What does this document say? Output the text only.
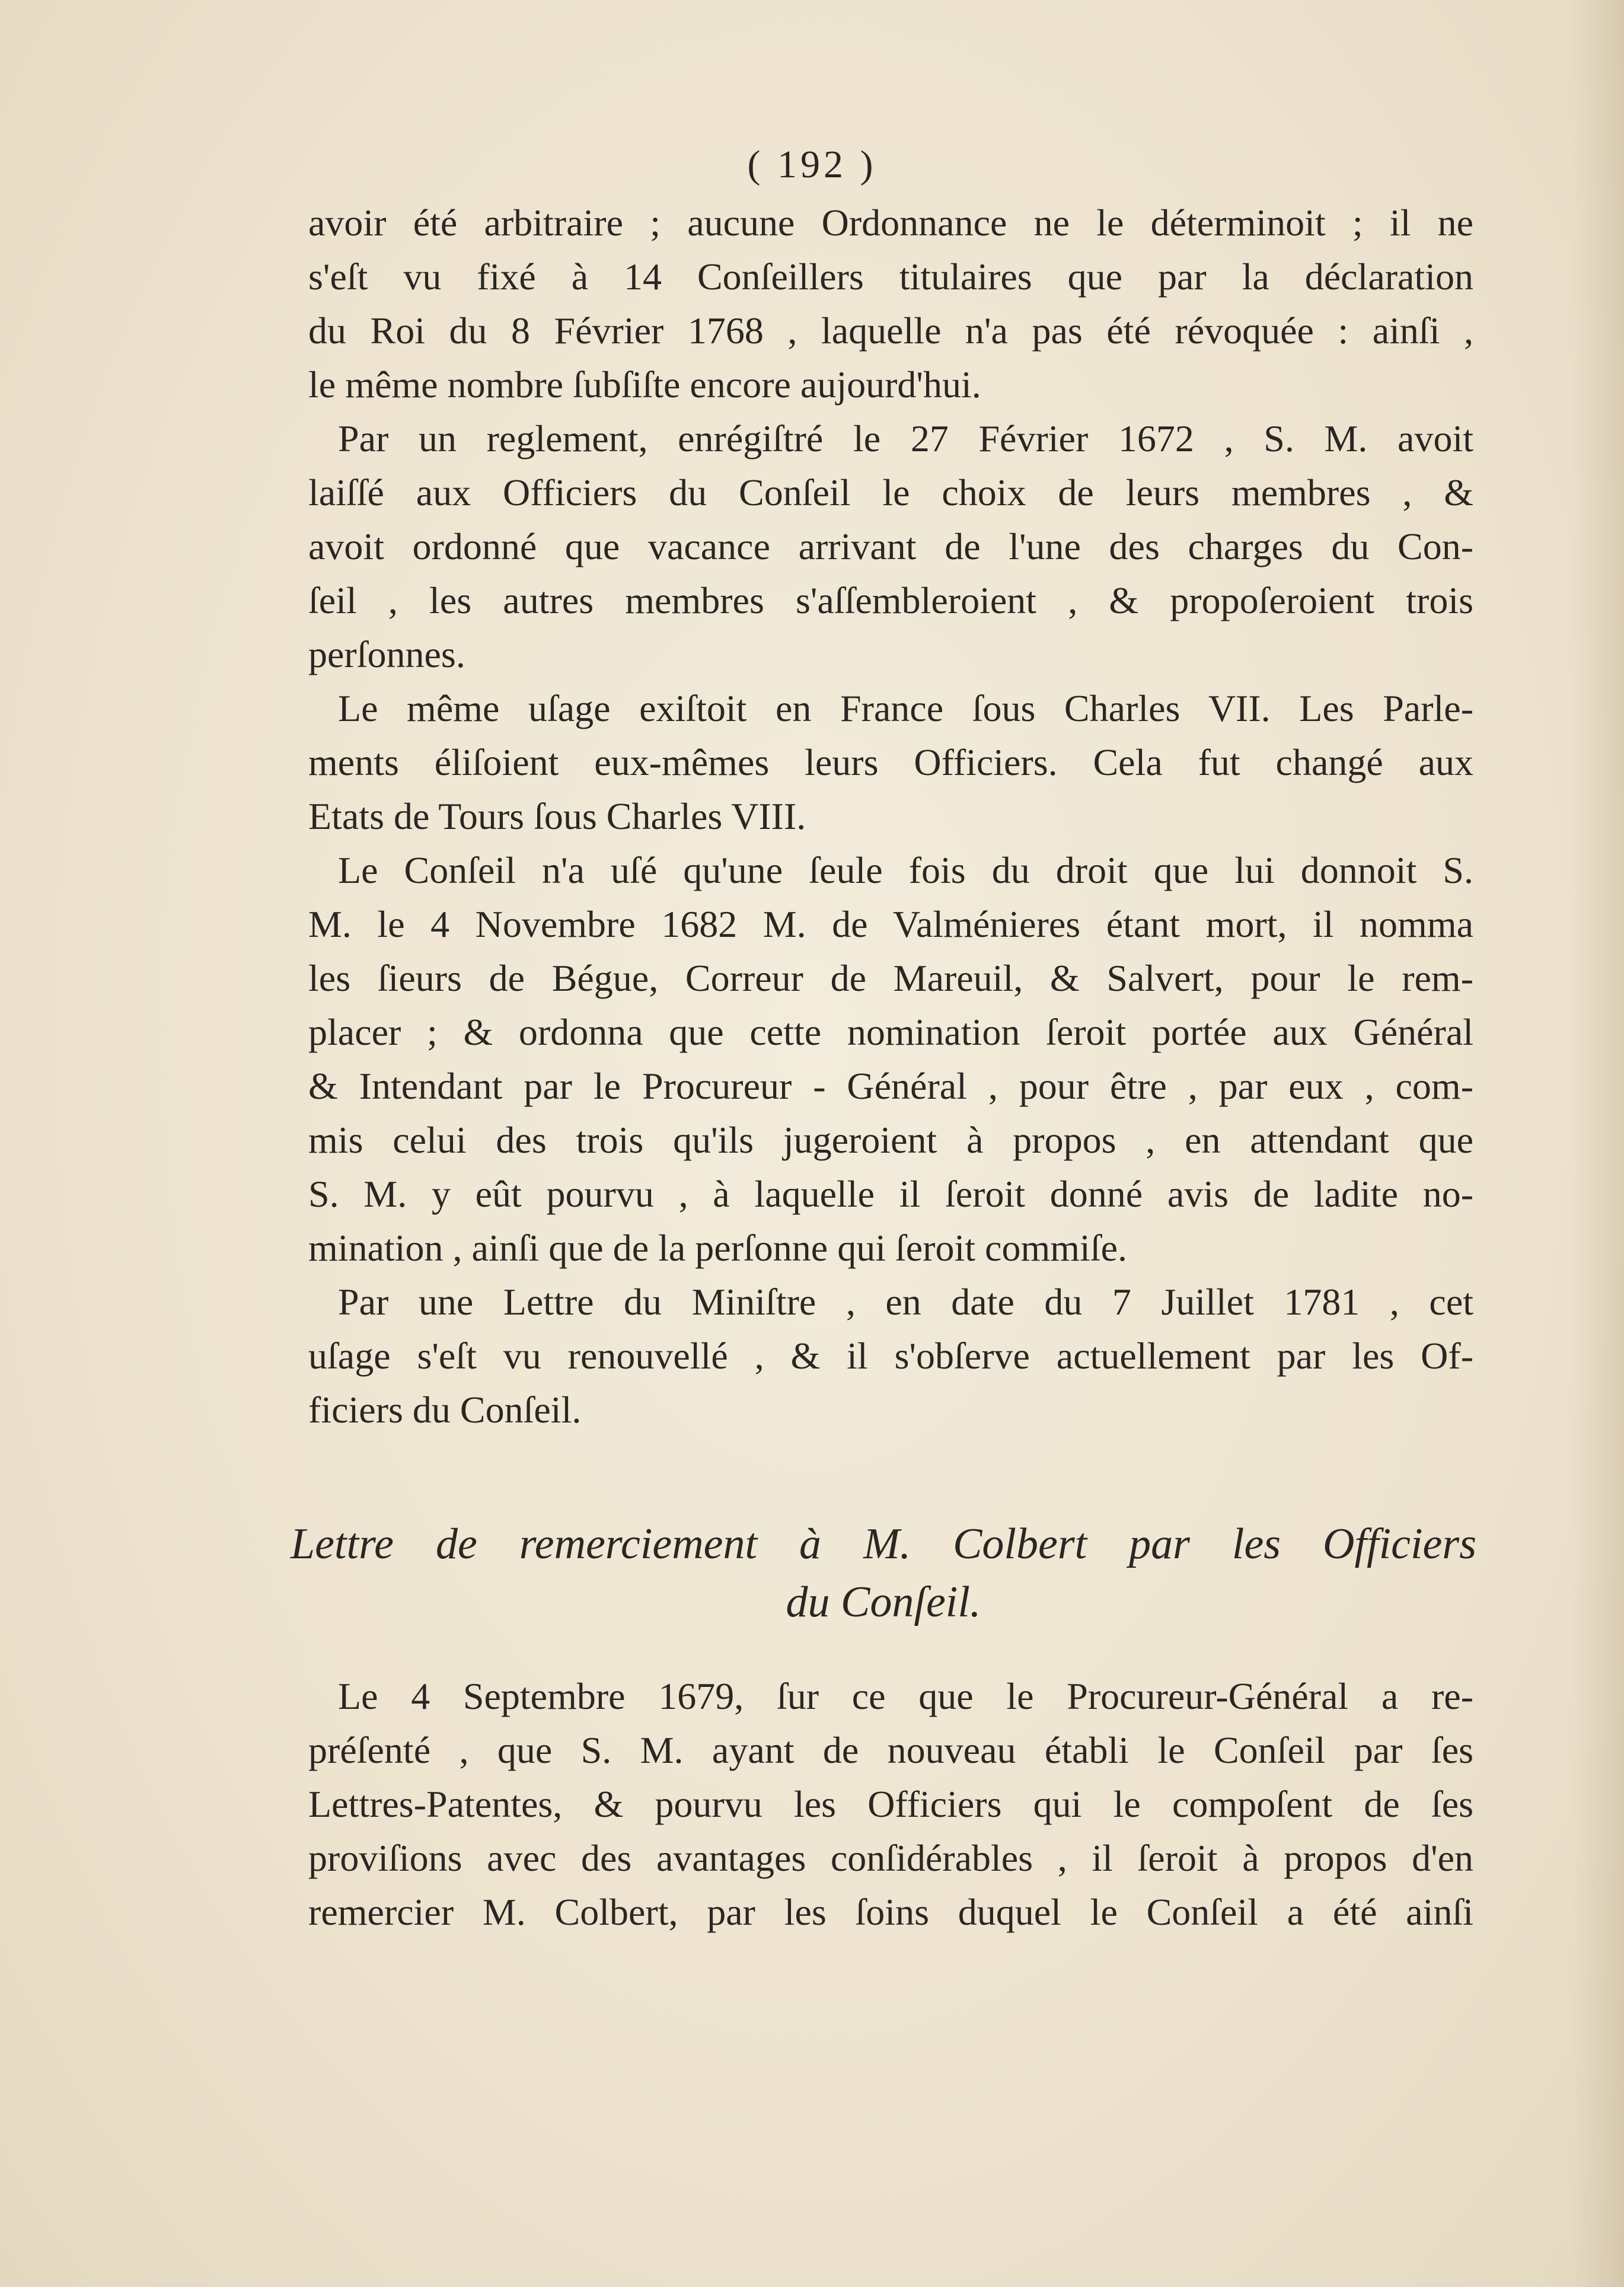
( 192 )
avoir été arbitraire ; aucune Ordonnance ne le déterminoit ; il ne
s'eſt vu fixé à 14 Conſeillers titulaires que par la déclaration
du Roi du 8 Février 1768 , laquelle n'a pas été révoquée : ainſi ,
le même nombre ſubſiſte encore aujourd'hui.
Par un reglement, enrégiſtré le 27 Février 1672 , S. M. avoit
laiſſé aux Officiers du Conſeil le choix de leurs membres , &
avoit ordonné que vacance arrivant de l'une des charges du Con-
ſeil , les autres membres s'aſſembleroient , & propoſeroient trois
perſonnes.
Le même uſage exiſtoit en France ſous Charles VII. Les Parle-
ments éliſoient eux-mêmes leurs Officiers. Cela fut changé aux
Etats de Tours ſous Charles VIII.
Le Conſeil n'a uſé qu'une ſeule fois du droit que lui donnoit S.
M. le 4 Novembre 1682 M. de Valménieres étant mort, il nomma
les ſieurs de Bégue, Correur de Mareuil, & Salvert, pour le rem-
placer ; & ordonna que cette nomination ſeroit portée aux Général
& Intendant par le Procureur - Général , pour être , par eux , com-
mis celui des trois qu'ils jugeroient à propos , en attendant que
S. M. y eût pourvu , à laquelle il ſeroit donné avis de ladite no-
mination , ainſi que de la perſonne qui ſeroit commiſe.
Par une Lettre du Miniſtre , en date du 7 Juillet 1781 , cet
uſage s'eſt vu renouvellé , & il s'obſerve actuellement par les Of-
ficiers du Conſeil.
Lettre de remerciement à M. Colbert par les Officiers
du Conſeil.
Le 4 Septembre 1679, ſur ce que le Procureur-Général a re-
préſenté , que S. M. ayant de nouveau établi le Conſeil par ſes
Lettres-Patentes, & pourvu les Officiers qui le compoſent de ſes
proviſions avec des avantages conſidérables , il ſeroit à propos d'en
remercier M. Colbert, par les ſoins duquel le Conſeil a été ainſi
